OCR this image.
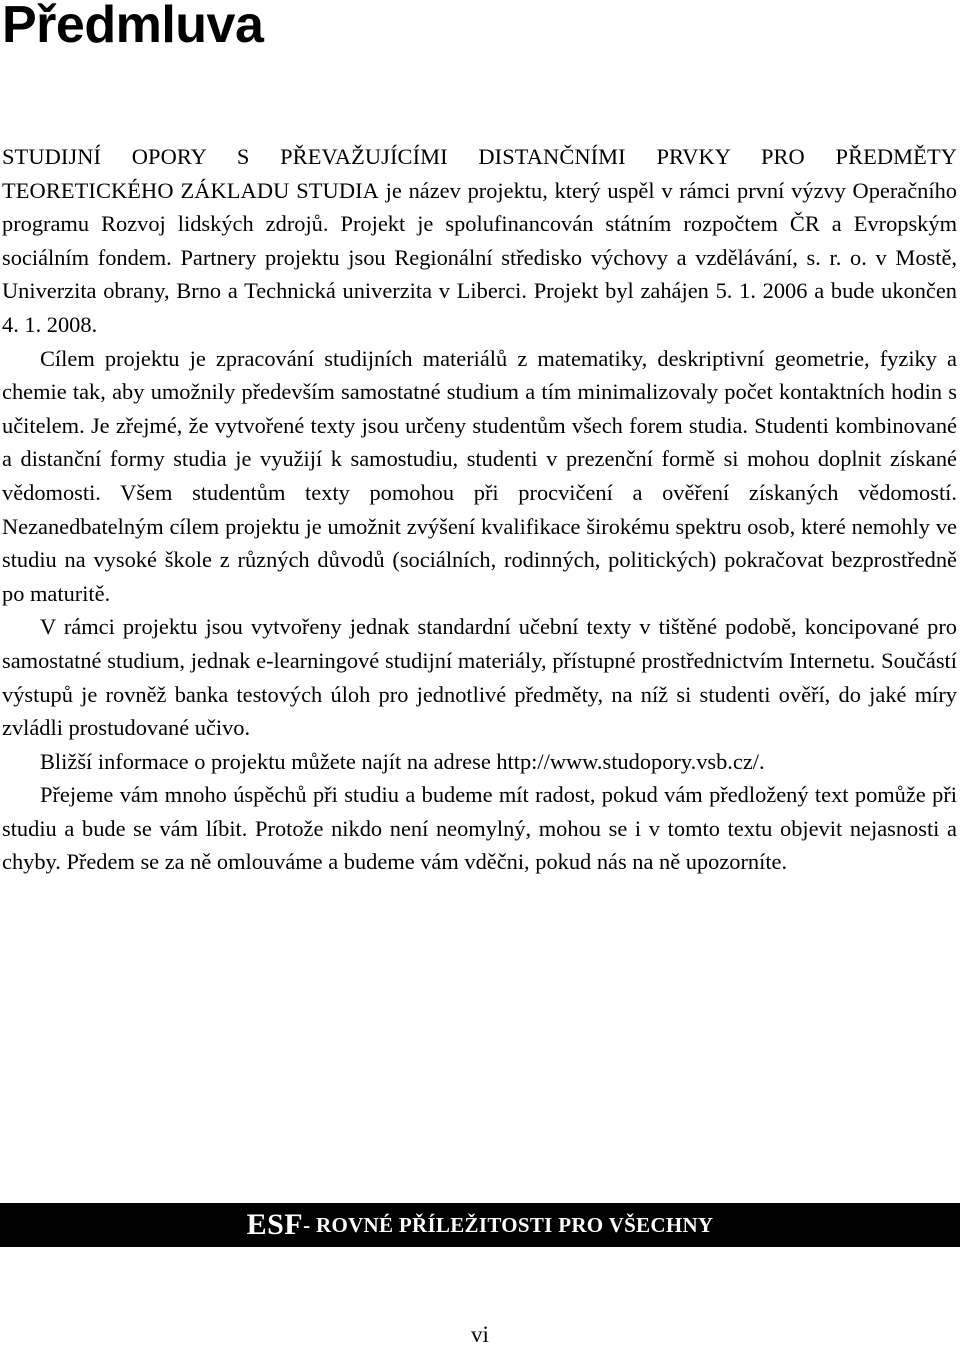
Předmluva

STUDIJNÍ OPORY S PŘEVAŽUJÍCÍMI DISTANČNÍMI PRVKY PRO PŘEDMĚTY TEORETICKÉHO ZÁKLADU STUDIA je název projektu, který uspěl v rámci první výzvy Operačního programu Rozvoj lidských zdrojů. Projekt je spolufinancován státním rozpočtem ČR a Evropským sociálním fondem. Partnery projektu jsou Regionální středisko výchovy a vzdělávání, s. r. o. v Mostě, Univerzita obrany, Brno a Technická univerzita v Liberci. Projekt byl zahájen 5. 1. 2006 a bude ukončen 4. 1. 2008.

Cílem projektu je zpracování studijních materiálů z matematiky, deskriptivní geometrie, fyziky a chemie tak, aby umožnily především samostatné studium a tím minimalizovaly počet kontaktních hodin s učitelem. Je zřejmé, že vytvořené texty jsou určeny studentům všech forem studia. Studenti kombinované a distanční formy studia je využijí k samostudiu, studenti v prezenční formě si mohou doplnit získané vědomosti. Všem studentům texty pomohou při procvičení a ověření získaných vědomostí. Nezanedbatelným cílem projektu je umožnit zvýšení kvalifikace širokému spektru osob, které nemohly ve studiu na vysoké škole z různých důvodů (sociálních, rodinných, politických) pokračovat bezprostředně po maturitě.

V rámci projektu jsou vytvořeny jednak standardní učební texty v tištěné podobě, koncipované pro samostatné studium, jednak e-learningové studijní materiály, přístupné prostřednictvím Internetu. Součástí výstupů je rovněž banka testových úloh pro jednotlivé předměty, na níž si studenti ověří, do jaké míry zvládli prostudované učivo.

Bližší informace o projektu můžete najít na adrese http://www.studopory.vsb.cz/.

Přejeme vám mnoho úspěchů při studiu a budeme mít radost, pokud vám předložený text pomůže při studiu a bude se vám líbit. Protože nikdo není neomylný, mohou se i v tomto textu objevit nejasnosti a chyby. Předem se za ně omlouváme a budeme vám vděčni, pokud nás na ně upozorníte.

ESF - ROVNÉ PŘÍLEŽITOSTI PRO VŠECHNY
vi
